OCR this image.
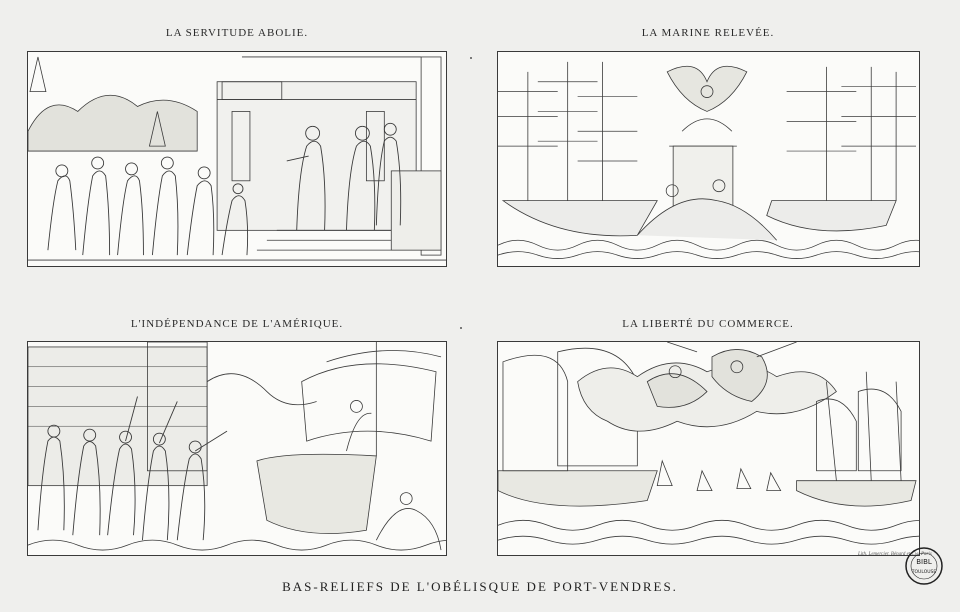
LA SERVITUDE ABOLIE.	LA MARINE RELEVÉE.
L'INDÉPENDANCE DE L'AMÉRIQUE.	LA LIBERTÉ DU COMMERCE.
Lith. Lemercier, Bénard et Cie. Paris
BIBL
TOULOUSE
BAS-RELIEFS DE L'OBÉLISQUE DE PORT-VENDRES.
